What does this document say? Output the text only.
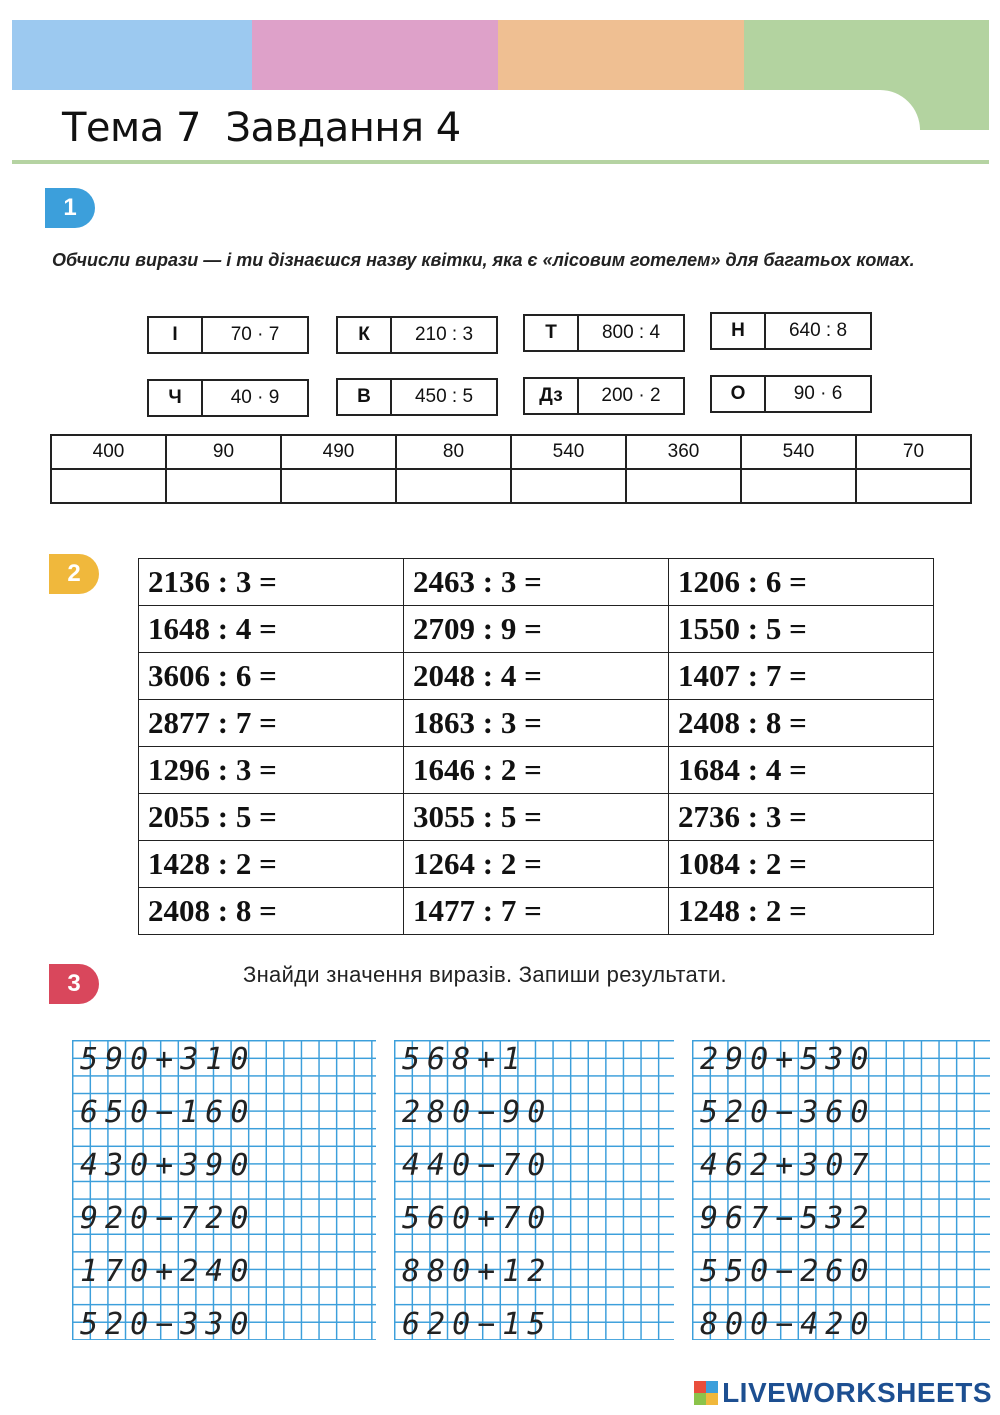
Тема 7  Завдання 4
1
Обчисли вирази — і ти дізнаєшся назву квітки, яка є «лісовим готелем» для багатьох комах.
І	70 · 7	К	210 : 3	Т	800 : 4	Н	640 : 8
Ч	40 · 9	В	450 : 5	Дз	200 · 2	О	90 · 6
400	90	490	80	540	360	540	70

2	2136 : 3 =	2463 : 3 =	1206 : 6 =
1648 : 4 =	2709 : 9 =	1550 : 5 =
3606 : 6 =	2048 : 4 =	1407 : 7 =
2877 : 7 =	1863 : 3 =	2408 : 8 =
1296 : 3 =	1646 : 2 =	1684 : 4 =
2055 : 5 =	3055 : 5 =	2736 : 3 =
1428 : 2 =	1264 : 2 =	1084 : 2 =
2408 : 8 =	1477 : 7 =	1248 : 2 =
3	Знайди значення виразів. Запиши результати.
590+310
650−160
430+390
920−720
170+240
520−330
568+1
280−90
440−70
560+70
880+12
620−15
290+530
520−360
462+307
967−532
550−260
800−420
LIVEWORKSHEETS
